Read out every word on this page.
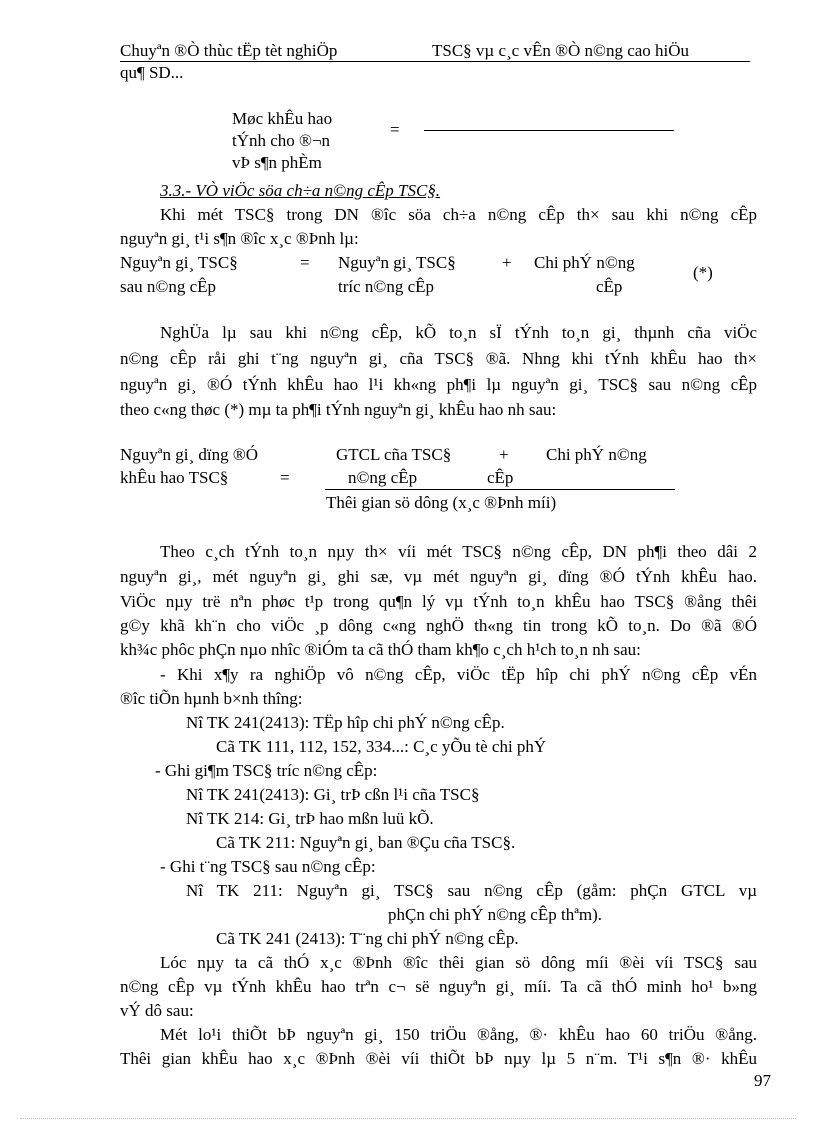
Chuyªn ®Ò thùc tËp tèt nghiÖp	TSC§ vµ c¸c vÊn ®Ò n©ng cao hiÖu
qu¶ SD...
Møc khÊu hao
tÝnh cho ®¬n
vÞ s¶n phÈm
=
3.3.- VÒ viÖc söa ch÷a n©ng cÊp TSC§.
Khi mét TSC§ trong DN ®îc söa ch÷a n©ng cÊp th× sau khi n©ng cÊp
nguyªn gi¸ t¹i s¶n ®îc x¸c ®Þnh lµ:
Nguyªn gi¸ TSC§
sau n©ng cÊp
= Nguyªn gi¸ TSC§
tríc n©ng cÊp
+ Chi phÝ n©ng
cÊp
(*)
NghÜa lµ sau khi n©ng cÊp, kÕ to¸n sÏ tÝnh to¸n gi¸ thµnh cña viÖc
n©ng cÊp råi ghi t¨ng nguyªn gi¸ cña TSC§ ®ã. Nhng khi tÝnh khÊu hao th×
nguyªn gi¸ ®Ó tÝnh khÊu hao l¹i kh«ng ph¶i lµ nguyªn gi¸ TSC§ sau n©ng cÊp
theo c«ng thøc (*) mµ ta ph¶i tÝnh nguyªn gi¸ khÊu hao nh sau:
Nguyªn gi¸ dïng ®Ó
khÊu hao TSC§	=
GTCL cña TSC§	+ Chi phÝ n©ng
n©ng cÊp	cÊp
Thêi gian sö dông (x¸c ®Þnh míi)
Theo c¸ch tÝnh to¸n nµy th× víi mét TSC§ n©ng cÊp, DN ph¶i theo dâi 2
nguyªn gi¸, mét nguyªn gi¸ ghi sæ, vµ mét nguyªn gi¸ dïng ®Ó tÝnh khÊu hao.
ViÖc nµy trë nªn phøc t¹p trong qu¶n lý vµ tÝnh to¸n khÊu hao TSC§ ®ång thêi
g©y khã kh¨n cho viÖc ¸p dông c«ng nghÖ th«ng tin trong kÕ to¸n. Do ®ã ®Ó
kh¾c phôc phÇn nµo nhîc ®iÓm ta cã thÓ tham kh¶o c¸ch h¹ch to¸n nh sau:
- Khi x¶y ra nghiÖp vô n©ng cÊp, viÖc tËp hîp chi phÝ n©ng cÊp vÉn
®îc tiÕn hµnh b×nh thîng:
Nî TK 241(2413): TËp hîp chi phÝ n©ng cÊp.
Cã TK 111, 112, 152, 334...: C¸c yÕu tè chi phÝ
- Ghi gi¶m TSC§ tríc n©ng cÊp:
Nî TK 241(2413): Gi¸ trÞ cßn l¹i cña TSC§
Nî TK 214: Gi¸ trÞ hao mßn luü kÕ.
Cã TK 211: Nguyªn gi¸ ban ®Çu cña TSC§.
- Ghi t¨ng TSC§ sau n©ng cÊp:
Nî TK 211: Nguyªn gi¸ TSC§ sau n©ng cÊp (gåm: phÇn GTCL vµ
phÇn chi phÝ n©ng cÊp thªm).
Cã TK 241 (2413): T¨ng chi phÝ n©ng cÊp.
Lóc nµy ta cã thÓ x¸c ®Þnh ®îc thêi gian sö dông míi ®èi víi TSC§ sau
n©ng cÊp vµ tÝnh khÊu hao trªn c¬ së nguyªn gi¸ míi. Ta cã thÓ minh ho¹ b»ng
vÝ dô sau:
Mét lo¹i thiÕt bÞ nguyªn gi¸ 150 triÖu ®ång, ®· khÊu hao 60 triÖu ®ång.
Thêi gian khÊu hao x¸c ®Þnh ®èi víi thiÕt bÞ nµy lµ 5 n¨m. T¹i s¶n ®· khÊu
97
